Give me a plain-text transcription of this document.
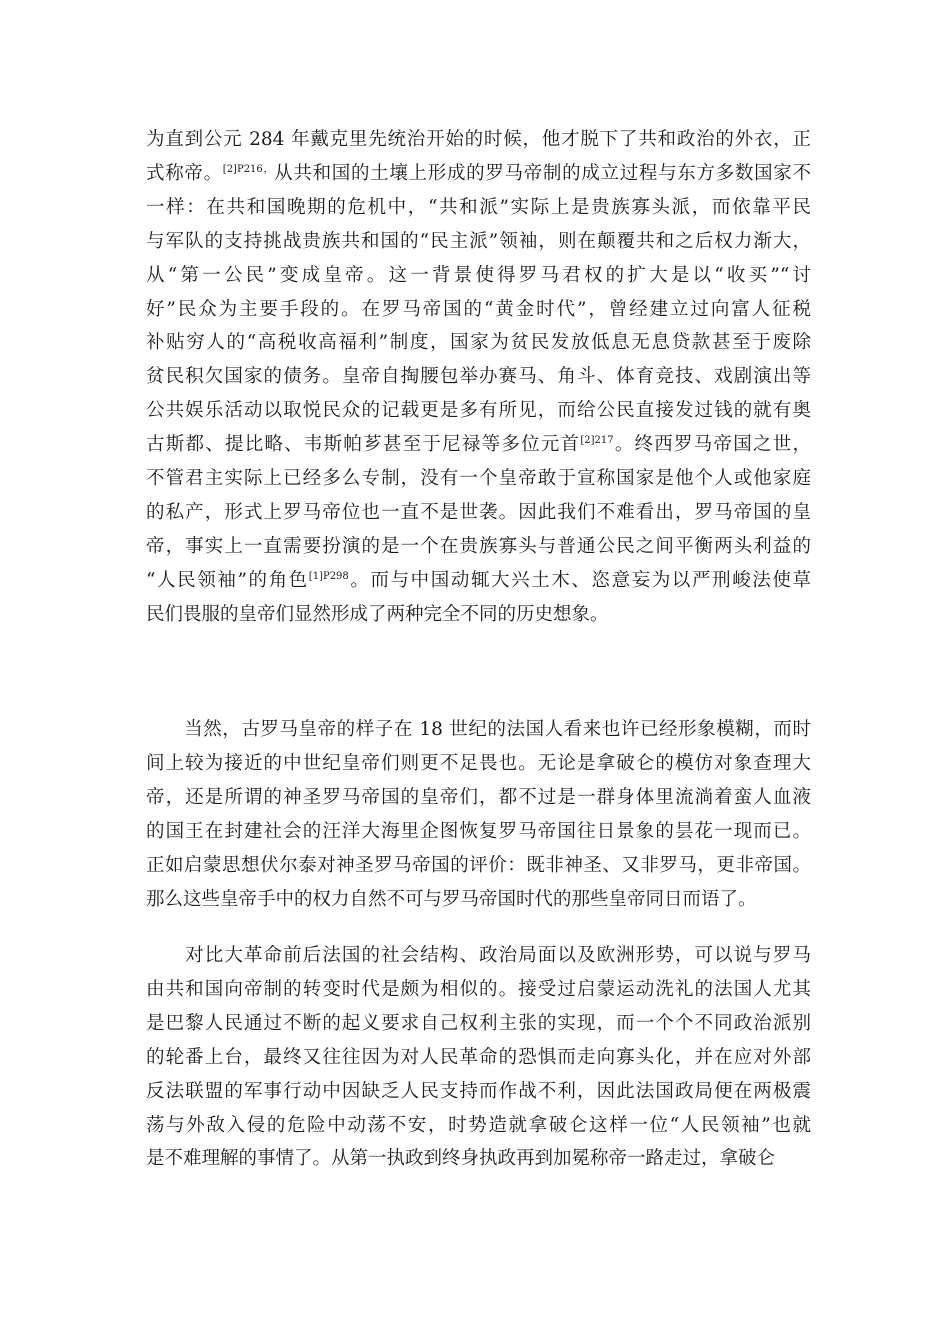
为直到公元 284 年戴克里先统治开始的时候，他才脱下了共和政治的外衣，正
式称帝。$^{[2]P216,}$从共和国的土壤上形成的罗马帝制的成立过程与东方多数国家不
一样：在共和国晚期的危机中，“共和派”实际上是贵族寡头派，而依靠平民
与军队的支持挑战贵族共和国的“民主派”领袖，则在颠覆共和之后权力渐大，
从“第一公民”变成皇帝。这一背景使得罗马君权的扩大是以“收买”“讨
好”民众为主要手段的。在罗马帝国的“黄金时代”，曾经建立过向富人征税
补贴穷人的“高税收高福利”制度，国家为贫民发放低息无息贷款甚至于废除
贫民积欠国家的债务。皇帝自掏腰包举办赛马、角斗、体育竞技、戏剧演出等
公共娱乐活动以取悦民众的记载更是多有所见，而给公民直接发过钱的就有奥
古斯都、提比略、韦斯帕芗甚至于尼禄等多位元首$^{[2]217}$。终西罗马帝国之世，
不管君主实际上已经多么专制，没有一个皇帝敢于宣称国家是他个人或他家庭
的私产，形式上罗马帝位也一直不是世袭。因此我们不难看出，罗马帝国的皇
帝，事实上一直需要扮演的是一个在贵族寡头与普通公民之间平衡两头利益的
“人民领袖”的角色$^{[1]P298}$。而与中国动辄大兴土木、恣意妄为以严刑峻法使草
民们畏服的皇帝们显然形成了两种完全不同的历史想象。
　　当然，古罗马皇帝的样子在 18 世纪的法国人看来也许已经形象模糊，而时
间上较为接近的中世纪皇帝们则更不足畏也。无论是拿破仑的模仿对象查理大
帝，还是所谓的神圣罗马帝国的皇帝们，都不过是一群身体里流淌着蛮人血液
的国王在封建社会的汪洋大海里企图恢复罗马帝国往日景象的昙花一现而已。
正如启蒙思想伏尔泰对神圣罗马帝国的评价：既非神圣、又非罗马，更非帝国。
那么这些皇帝手中的权力自然不可与罗马帝国时代的那些皇帝同日而语了。
　　对比大革命前后法国的社会结构、政治局面以及欧洲形势，可以说与罗马
由共和国向帝制的转变时代是颇为相似的。接受过启蒙运动洗礼的法国人尤其
是巴黎人民通过不断的起义要求自己权利主张的实现，而一个个不同政治派别
的轮番上台，最终又往往因为对人民革命的恐惧而走向寡头化，并在应对外部
反法联盟的军事行动中因缺乏人民支持而作战不利，因此法国政局便在两极震
荡与外敌入侵的危险中动荡不安，时势造就拿破仑这样一位“人民领袖”也就
是不难理解的事情了。从第一执政到终身执政再到加冕称帝一路走过，拿破仑
